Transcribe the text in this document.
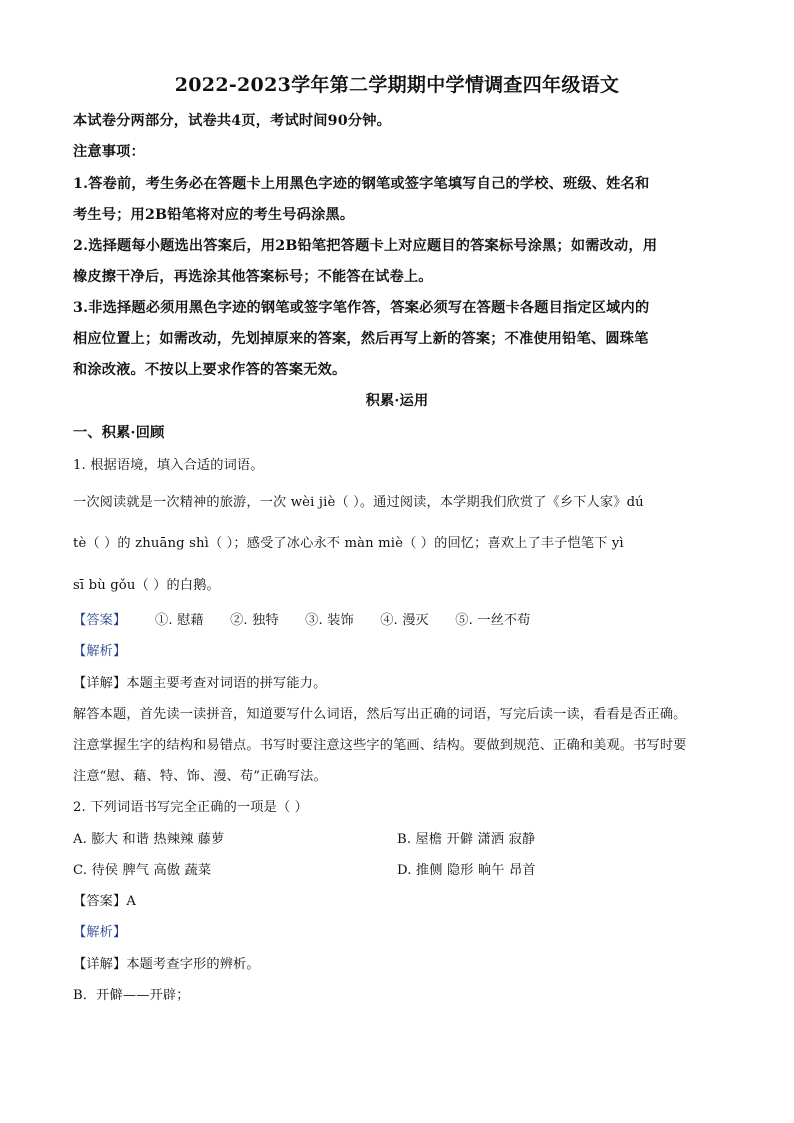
2022-2023学年第二学期期中学情调查四年级语文
本试卷分两部分，试卷共4页，考试时间90分钟。
注意事项：
1.答卷前，考生务必在答题卡上用黑色字迹的钢笔或签字笔填写自己的学校、班级、姓名和
考生号；用2B铅笔将对应的考生号码涂黑。
2.选择题每小题选出答案后，用2B铅笔把答题卡上对应题目的答案标号涂黑；如需改动，用
橡皮擦干净后，再选涂其他答案标号；不能答在试卷上。
3.非选择题必须用黑色字迹的钢笔或签字笔作答，答案必须写在答题卡各题目指定区域内的
相应位置上；如需改动，先划掉原来的答案，然后再写上新的答案；不准使用铅笔、圆珠笔
和涂改液。不按以上要求作答的答案无效。
积累·运用
一、积累·回顾
1. 根据语境，填入合适的词语。
一次阅读就是一次精神的旅游，一次 wèi jiè（ ）。通过阅读，本学期我们欣赏了《乡下人家》dú
tè（ ）的 zhuāng shì（ ）；感受了冰心永不 màn miè（ ）的回忆；喜欢上了丰子恺笔下 yì
sī bù gǒu（ ）的白鹅。
【答案】 ①. 慰藉 ②. 独特 ③. 装饰 ④. 漫灭 ⑤. 一丝不苟
【解析】
【详解】本题主要考查对词语的拼写能力。
解答本题，首先读一读拼音，知道要写什么词语，然后写出正确的词语，写完后读一读，看看是否正确。
注意掌握生字的结构和易错点。书写时要注意这些字的笔画、结构。要做到规范、正确和美观。书写时要
注意“慰、藉、特、饰、漫、苟”正确写法。
2. 下列词语书写完全正确的一项是（ ）
A. 膨大 和谐 热辣辣 藤萝	B. 屋檐 开僻 潇洒 寂静
C. 待侯 脾气 高傲 蔬菜	D. 推侧 隐形 晌午 昂首
【答案】A
【解析】
【详解】本题考查字形的辨析。
B．开僻——开辟；
